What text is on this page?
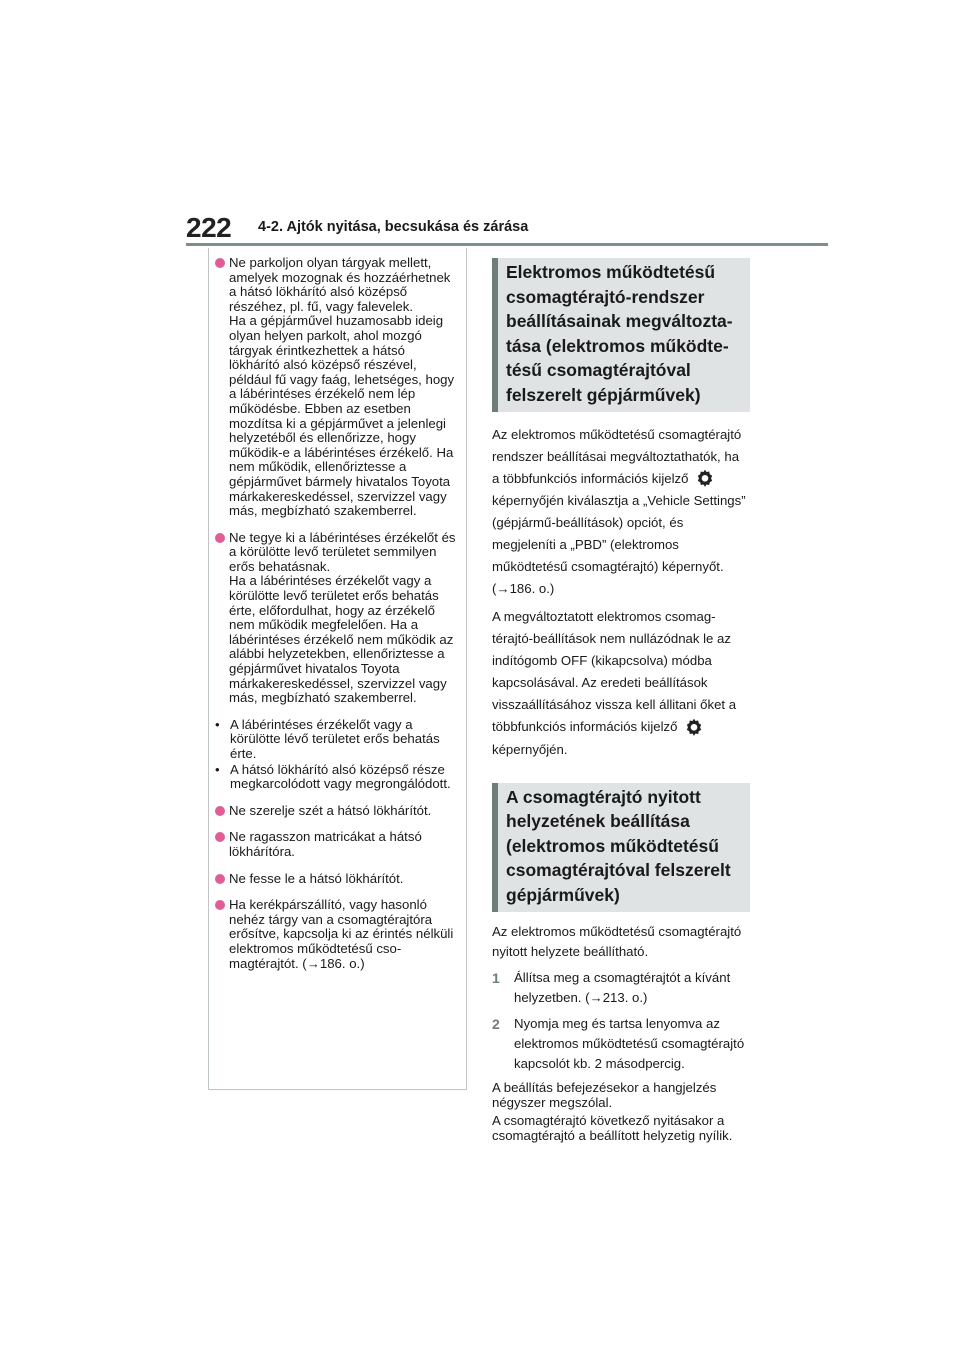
222 4-2. Ajtók nyitása, becsukása és zárása
Ne parkoljon olyan tárgyak mellett, amelyek mozognak és hozzáérhetnek a hátsó lökhárító alsó középső részéhez, pl. fű, vagy falevelek.
Ha a gépjárművel huzamosabb ideig olyan helyen parkolt, ahol mozgó tárgyak érintkezhettek a hátsó lökhárító alsó középső részével, például fű vagy faág, lehetséges, hogy a lábérintéses érzékelő nem lép működésbe. Ebben az esetben mozdítsa ki a gépjárművet a jelenlegi helyzetéből és ellenőrizze, hogy működik-e a lábérintéses érzékelő. Ha nem működik, ellenőriztesse a gépjárművet bármely hivatalos Toyota márkakereskedéssel, szervizzel vagy más, megbízható szakemberrel.
Ne tegye ki a lábérintéses érzékelőt és a körülötte levő területet semmilyen erős behatásnak.
Ha a lábérintéses érzékelőt vagy a körülötte levő területet erős behatás érte, előfordulhat, hogy az érzékelő nem működik megfelelően. Ha a lábérintéses érzékelő nem működik az alábbi helyzetekben, ellenőriztesse a gépjárművet hivatalos Toyota márkakereskedéssel, szervizzel vagy más, megbízható szakemberrel.
• A lábérintéses érzékelőt vagy a körülötte lévő területet erős behatás érte.
• A hátsó lökhárító alsó középső része megkarcolódott vagy megrongálódott.
Ne szerelje szét a hátsó lökhárítót.
Ne ragasszon matricákat a hátsó lökhárítóra.
Ne fesse le a hátsó lökhárítót.
Ha kerékpárszállító, vagy hasonló nehéz tárgy van a csomagtérajtóra erősítve, kapcsolja ki az érintés nélküli elektromos működtetésű csomagtérajtót. (→186. o.)
Elektromos működtetésű csomagtérajtó-rendszer beállításainak megváltoztatása (elektromos működtetésű csomagtérajtóval felszerelt gépjárművek)
Az elektromos működtetésű csomagtérajtó rendszer beállításai megváltoztathatók, ha a többfunkciós információs kijelző  képernyőjén kiválasztja a „Vehicle Settings” (gépjármű-beállítások) opciót, és megjeleníti a „PBD” (elektromos működtetésű csomagtérajtó) képernyőt. (→186. o.)
A megváltoztatott elektromos csomagtérajtó-beállítások nem nullázódnak le az indítógomb OFF (kikapcsolva) módba kapcsolásával. Az eredeti beállítások visszaállításához vissza kell állitani őket a többfunkciós információs kijelző  képernyőjén.
A csomagtérajtó nyitott helyzetének beállítása (elektromos működtetésű csomagtérajtóval felszerelt gépjárművek)
Az elektromos működtetésű csomagtérajtó nyitott helyzete beállítható.
1 Állítsa meg a csomagtérajtót a kívánt helyzetben. (→213. o.)
2 Nyomja meg és tartsa lenyomva az elektromos működtetésű csomagtérajtó kapcsolót kb. 2 másodpercig.
A beállítás befejezésekor a hangjelzés négyszer megszólal.
A csomagtérajtó következő nyitásakor a csomagtérajtó a beállított helyzetig nyílik.
